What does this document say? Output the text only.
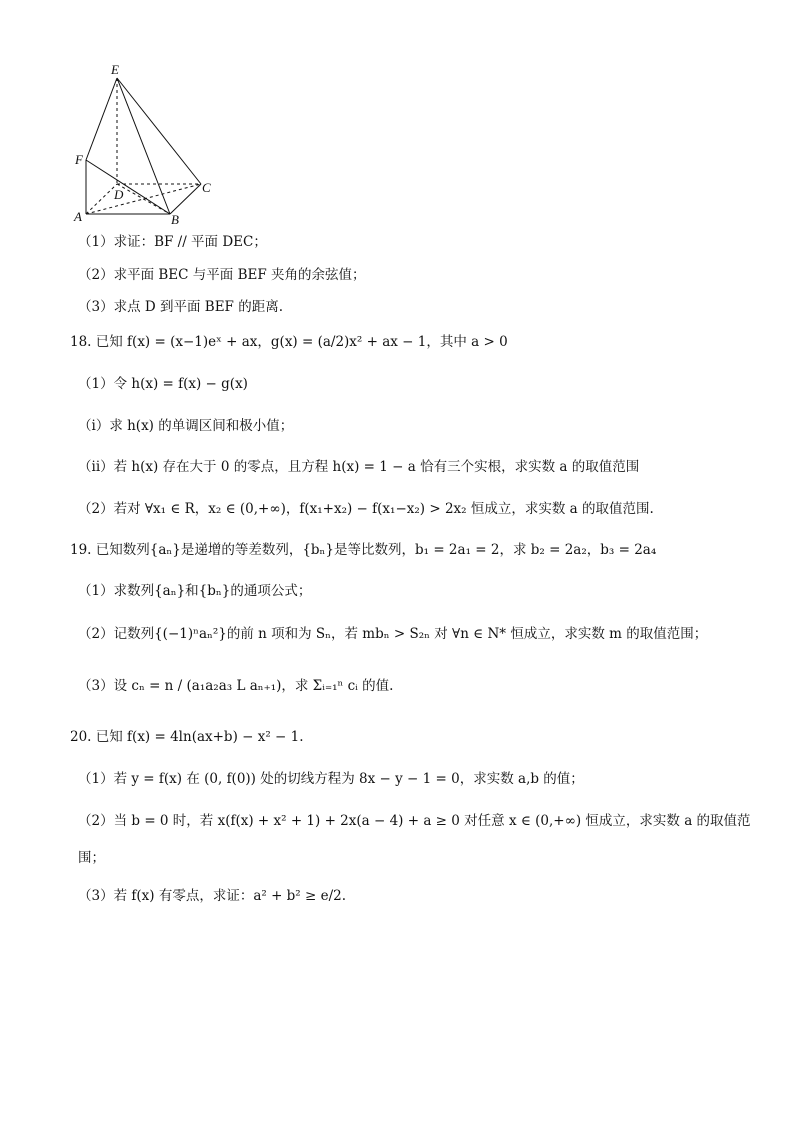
E
F
D	C
A	B
（1）求证：BF // 平面 DEC；
（2）求平面 BEC 与平面 BEF 夹角的余弦值；
（3）求点 D 到平面 BEF 的距离.
18. 已知 f(x) = (x−1)eˣ + ax，g(x) = (a/2)x² + ax − 1，其中 a > 0
（1）令 h(x) = f(x) − g(x)
（i）求 h(x) 的单调区间和极小值；
（ii）若 h(x) 存在大于 0 的零点，且方程 h(x) = 1 − a 恰有三个实根，求实数 a 的取值范围
（2）若对 ∀x₁ ∈ R，x₂ ∈ (0,+∞)，f(x₁+x₂) − f(x₁−x₂) > 2x₂ 恒成立，求实数 a 的取值范围.
19. 已知数列{aₙ}是递增的等差数列，{bₙ}是等比数列，b₁ = 2a₁ = 2，求 b₂ = 2a₂，b₃ = 2a₄
（1）求数列{aₙ}和{bₙ}的通项公式；
（2）记数列{(−1)ⁿaₙ²}的前 n 项和为 Sₙ，若 mbₙ > S₂ₙ 对 ∀n ∈ N* 恒成立，求实数 m 的取值范围；
（3）设 cₙ = n / (a₁a₂a₃ L aₙ₊₁)，求 Σᵢ₌₁ⁿ cᵢ 的值.
20. 已知 f(x) = 4ln(ax+b) − x² − 1.
（1）若 y = f(x) 在 (0, f(0)) 处的切线方程为 8x − y − 1 = 0，求实数 a,b 的值；
（2）当 b = 0 时，若 x(f(x) + x² + 1) + 2x(a − 4) + a ≥ 0 对任意 x ∈ (0,+∞) 恒成立，求实数 a 的取值范
围；
（3）若 f(x) 有零点，求证：a² + b² ≥ e/2.
